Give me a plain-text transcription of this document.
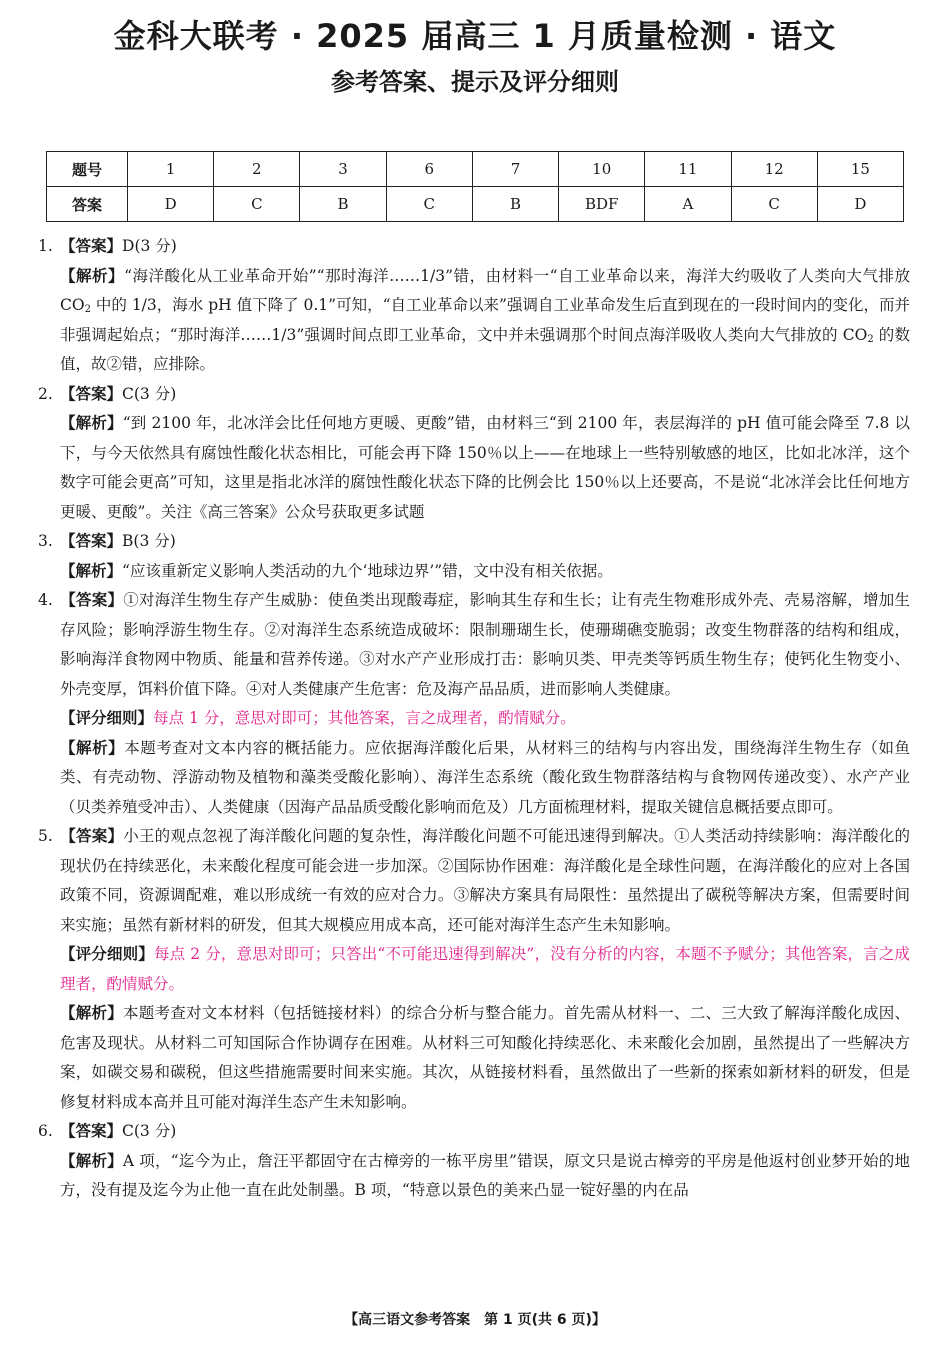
金科大联考 · 2025 届高三 1 月质量检测 · 语文
参考答案、提示及评分细则
题号	1	2	3	6	7	10	11	12	15
答案	D	C	B	C	B	BDF	A	C	D

1. 【答案】D(3 分)

【解析】“海洋酸化从工业革命开始”“那时海洋……1/3”错，由材料一“自工业革命以来，海洋大约吸收了人类向大气排放 $CO_2$ 中的 1/3，海水 pH 值下降了 0.1”可知，“自工业革命以来”强调自工业革命发生后直到现在的一段时间内的变化，而并非强调起始点；“那时海洋……1/3”强调时间点即工业革命，文中并未强调那个时间点海洋吸收人类向大气排放的 $CO_2$ 的数值，故②错，应排除。

2. 【答案】C(3 分)

【解析】“到 2100 年，北冰洋会比任何地方更暖、更酸”错，由材料三“到 2100 年，表层海洋的 pH 值可能会降至 7.8 以下，与今天依然具有腐蚀性酸化状态相比，可能会再下降 150％以上——在地球上一些特别敏感的地区，比如北冰洋，这个数字可能会更高”可知，这里是指北冰洋的腐蚀性酸化状态下降的比例会比 150％以上还要高，不是说“北冰洋会比任何地方更暖、更酸”。关注《高三答案》公众号获取更多试题

3. 【答案】B(3 分)

【解析】“应该重新定义影响人类活动的九个‘地球边界’”错，文中没有相关依据。

4. 【答案】①对海洋生物生存产生威胁：使鱼类出现酸毒症，影响其生存和生长；让有壳生物难形成外壳、壳易溶解，增加生存风险；影响浮游生物生存。②对海洋生态系统造成破坏：限制珊瑚生长，使珊瑚礁变脆弱；改变生物群落的结构和组成，影响海洋食物网中物质、能量和营养传递。③对水产产业形成打击：影响贝类、甲壳类等钙质生物生存；使钙化生物变小、外壳变厚，饵料价值下降。④对人类健康产生危害：危及海产品品质，进而影响人类健康。

【评分细则】每点 1 分，意思对即可；其他答案，言之成理者，酌情赋分。

【解析】本题考查对文本内容的概括能力。应依据海洋酸化后果，从材料三的结构与内容出发，围绕海洋生物生存（如鱼类、有壳动物、浮游动物及植物和藻类受酸化影响）、海洋生态系统（酸化致生物群落结构与食物网传递改变）、水产产业（贝类养殖受冲击）、人类健康（因海产品品质受酸化影响而危及）几方面梳理材料，提取关键信息概括要点即可。

5. 【答案】小王的观点忽视了海洋酸化问题的复杂性，海洋酸化问题不可能迅速得到解决。①人类活动持续影响：海洋酸化的现状仍在持续恶化，未来酸化程度可能会进一步加深。②国际协作困难：海洋酸化是全球性问题，在海洋酸化的应对上各国政策不同，资源调配难，难以形成统一有效的应对合力。③解决方案具有局限性：虽然提出了碳税等解决方案，但需要时间来实施；虽然有新材料的研发，但其大规模应用成本高，还可能对海洋生态产生未知影响。

【评分细则】每点 2 分，意思对即可；只答出“不可能迅速得到解决”，没有分析的内容，本题不予赋分；其他答案，言之成理者，酌情赋分。

【解析】本题考查对文本材料（包括链接材料）的综合分析与整合能力。首先需从材料一、二、三大致了解海洋酸化成因、危害及现状。从材料二可知国际合作协调存在困难。从材料三可知酸化持续恶化、未来酸化会加剧，虽然提出了一些解决方案，如碳交易和碳税，但这些措施需要时间来实施。其次，从链接材料看，虽然做出了一些新的探索如新材料的研发，但是修复材料成本高并且可能对海洋生态产生未知影响。

6. 【答案】C(3 分)

【解析】A 项，“迄今为止，詹汪平都固守在古樟旁的一栋平房里”错误，原文只是说古樟旁的平房是他返村创业梦开始的地方，没有提及迄今为止他一直在此处制墨。B 项，“特意以景色的美来凸显一锭好墨的内在品

【高三语文参考答案　第 1 页(共 6 页)】
